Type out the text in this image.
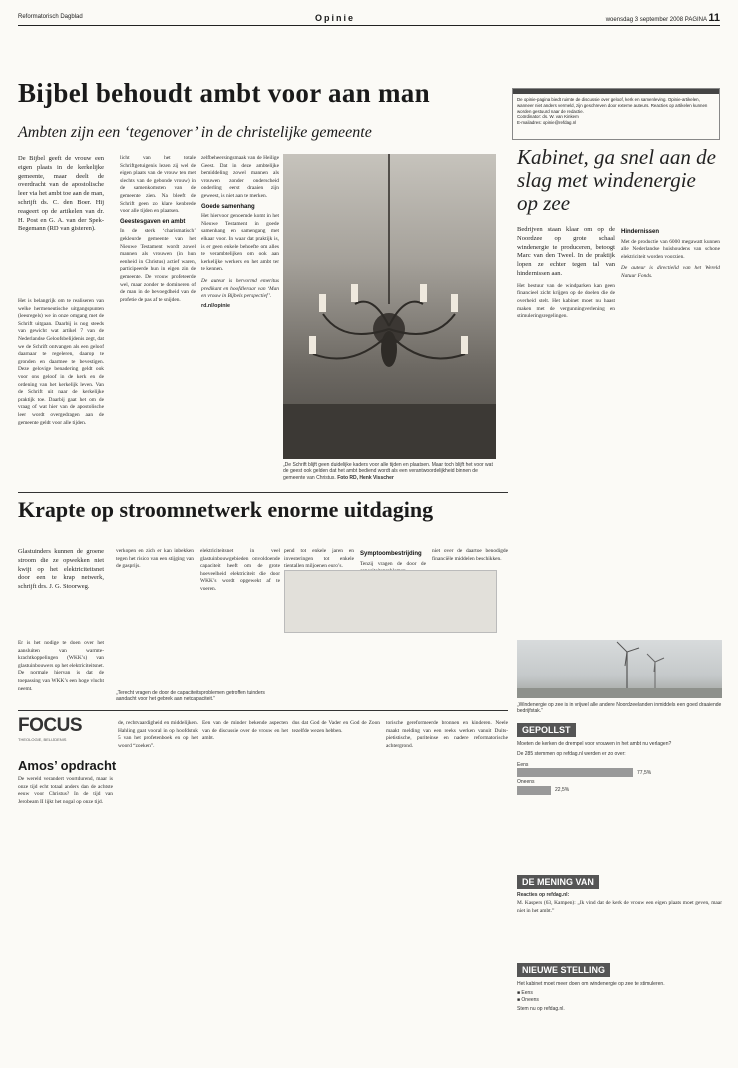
Reformatorisch Dagblad	Opinie	woensdag 3 september 2008 PAGINA 11
Bijbel behoudt ambt voor aan man
Ambten zijn een ‘tegenover’ in de christelijke gemeente
De Bijbel geeft de vrouw een eigen plaats in de kerkelijke gemeente, maar deelt de overdracht van de apostolische leer via het ambt toe aan de man, schrijft ds. C. den Boer. Hij reageert op de artikelen van dr. H. Post en G. A. van der Spek-Begemann (RD van gisteren).
Het is belangrijk om te realiseren van welke hermeneutische uitgangspunten (leesregels) we in onze omgang met de Schrift uitgaan. Daarbij is nog steeds van gewicht wat artikel 7 van de Nederlandse Geloofsbelijdenis zegt, dat we de Schrift ontvangen als een geloof daarnaar te regeleren, daarop te gronden en daarmee te bevestigen. Deze gelovige benadering geldt ook voor ons geloof in de kerk en de ordening van het kerkelijk leven. Van de Schrift uit naar de kerkelijke praktijk toe. Daarbij gaat het om de vraag of wat hier van de apostolische leer wordt overgedragen aan de gemeente geldt voor alle tijden.

licht van het totale Schriftgetuigenis lezen zij wel de eigen plaats van de vrouw ten met slechts van de gebonde vrouw) in de samenkomsten van de gemeente zien. Na bleeft de Schrift geen zo klare kenbrede voor alle tijden en plaatsen.

Geestesgaven en ambt

In de sterk ‘charismatisch’ gekleurde gemeente van het Nieuwe Testament wordt zowel mannen als vrouwen (in hun eenheid in Christus) actief waren, participeerde hun in eigen zin de gemeente. De vrouw profeteerde wel, maar zonder te domineren of de man in de bevoegdheid van de profetie de pas af te snijden.

zelfbeheersingsmaak van de Heilige Geest. Dat in deze ambtelijke bemiddeling zowel mannen als vrouwen zonder onderscheid onderling eerst draaien zijn geweest, is niet aan te merken.

Goede samenhang

Het hiervoor genoemde komt in het Nieuwe Testament in goede samenhang en samengang met elkaar voor. In waar dat praktijk is, is er geen enkele behoefte om alles te verambtelijken om ook aan kerkelijke werkers en het ambt ter te kennen.

De auteur is hervormd emeritus predikant en hoofdleraar van ‘Man en vrouw in Bijbels perspectief’.

rd.nl/opinie

„De Schrift blijft geen duidelijke kaders voor alle tijden en plaatsen. Maar toch blijft het voor wat de geest ook gelden dat het ambt bediend wordt als een verantwoordelijkheid binnen de gemeente van Christus. Foto RD, Henk Visscher

De opinie-pagina biedt ruimte de discussie over geloof, kerk en samenleving. Opinie-artikelen, wanneer niet anders vermeld, zijn geschreven door externe auteurs. Reacties op artikelen kunnen worden gestuurd naar de redactie.

Coördinator: ds. W. van Kinkem

E-mailadres: opinie@refdag.nl

Kabinet, ga snel aan de slag met windenergie op zee

Bedrijven staan klaar om op de Noordzee op grote schaal windenergie te produceren, betoogt Marc van den Tweel. In de praktijk lopen ze echter tegen tal van hindernissen aan.

Het bestuur van de windparken kan geen financieel zicht krijgen op de doelen die de overheid stelt. Het kabinet moet nu haast maken met de vergunningverlening en stimuleringsregelingen.

Hindernissen

Met de productie van 6000 megawatt kunnen alle Nederlandse huishoudens van schone elektriciteit worden voorzien.

De auteur is directielid van het Wereld Natuur Fonds.

„Windenergie op zee is in vrijwel alle andere Noordzeelanden inmiddels een goed draaiende bedrijfstak.”
Krapte op stroomnetwerk enorme uitdaging
Glastuinders kunnen de groene stroom die ze opwekken niet kwijt op het elektriciteitsnet door een te krap netwerk, schrijft drs. J. G. Stoorweg.
Er is het nodige te doen over het aansluiten van warmte-krachtkoppelingen (WKK’s) van glastuinbouwers op het elektriciteitsnet. De normale hiervan is dat de toepassing van WKK’s een hoge vlucht neemt.
verkopen en zich er kan inbekken tegen het risico van een stijging van de gasprijs.
elektriciteitsnet in veel glastuinbouwgebieden onvoldoende capaciteit heeft om de grote hoeveelheid elektriciteit die door WKK’s wordt opgewekt af te voeren.
pend tot enkele jaren en investeringen tot enkele tientallen miljoenen euro’s.
Symptoombestrijding

Tenzij vragen de door de

niet over de daartoe benodigde financiële middelen beschikken.
„Terecht vragen de door de capaciteitsproblemen getroffen tuinders aandacht voor het gebrek aan netcapaciteit.”
FOCUS
THEOLOGIE, BELIJDENIS
Amos’ opdracht
De wereld verandert voortdurend, maar is onze tijd echt totaal anders dan de achtste eeuw voor Christus? In de tijd van Jerobeam II lijkt het nogal op onze tijd.
de, rechtvaardigheid en middelijken. Hahling gaat vooral in op hoofdstuk 5 van het profetenboek en op het woord “zoeken”.
Een van de minder bekende aspecten van de discussie over de vrouw en het ambt.
dus dat God de Vader en God de Zoon tezelfde wezen hebben.
torische gereformeerde bronnen en kinderen. Neele maakt melding van een reeks werken vanuit Duits-pietistische, puriteinse en nadere reformatorische achtergrond.
GEPOLLST
Moeten de kerken de drempel voor vrouwen in het ambt nu verlagen?
De 285 stemmen op refdag.nl werden er zo over:
Eens
77,5%
Oneens
22,5%
DE MENING VAN
Reacties op refdag.nl:
M. Kaspers (63, Kampen): „Ik vind dat de kerk de vrouw een eigen plaats moet geven, maar niet in het ambt.”
NIEUWE STELLING
Het kabinet moet meer doen om windenergie op zee te stimuleren.
■ Eens
■ Oneens
Stem nu op refdag.nl.
